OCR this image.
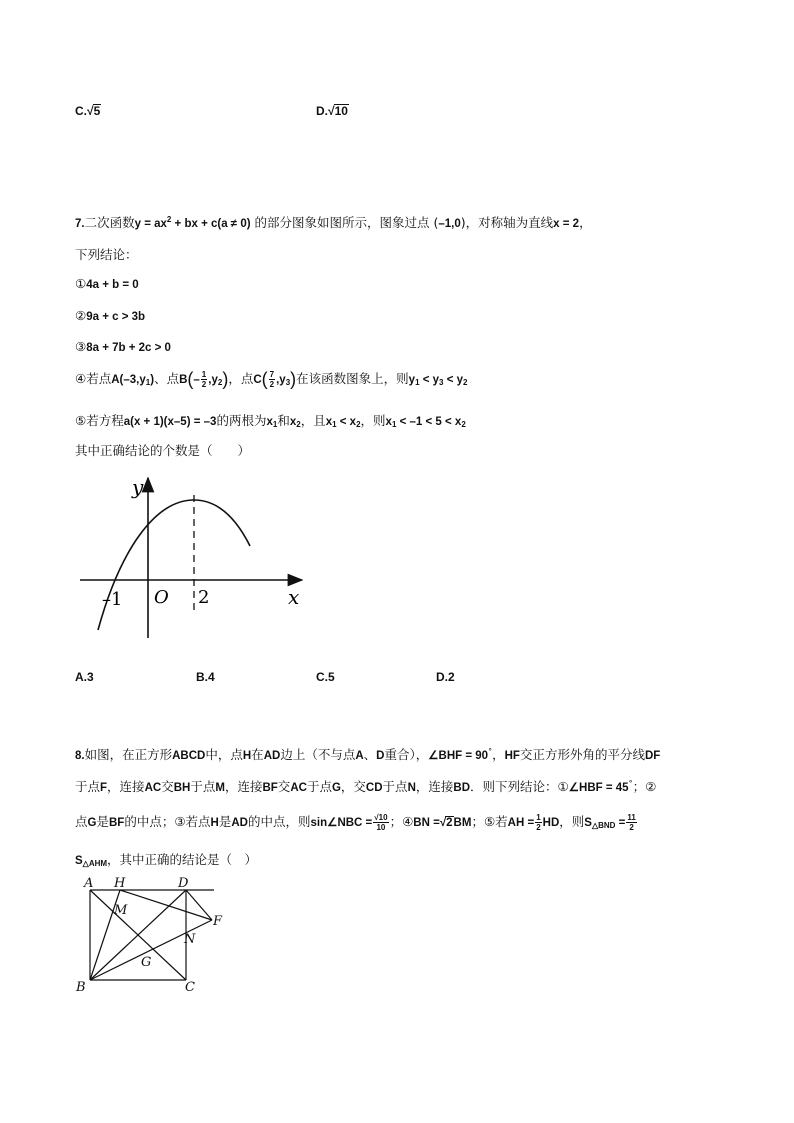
C.√5	D.√10
7.二次函数$y = ax^2$ + bx + c(a ≠ 0) 的部分图象如图所示，图象过点 (–1,0)，对称轴为直线x = 2，
下列结论：
①4a + b = 0
②9a + c > 3b
③8a + 7b + 2c > 0
④若点$A(-3,y_1)$、点$B(- \frac{1}{2} ,y_2)$，点$C( \frac{7}{2} ,y_3)$在该函数图象上，则$y_1 < y_3 < y_2$
⑤若方程a(x + 1)(x–5) = –3的两根为$x_1$和$x_2$，且$x_1 < x_2$，则$x_1 < -1 < 5 < x_2$
其中正确结论的个数是（　　）
y
x
O
–1	2
A.3	B.4	C.5	D.2
8.如图，在正方形ABCD中，点H在AD边上（不与点A、D重合），∠BHF = 90°，HF交正方形外角的平分线DF
于点F，连接AC交BH于点M，连接BF交AC于点G，交CD于点N，连接BD．则下列结论：①∠HBF = 45°；②
点G是BF的中点；③若点H是AD的中点，则sin∠NBC = $\frac{√10}{10}$ ；④BN =√2BM；⑤若AH = $\frac{1}{2}$ HD，则$S_{\triangle BND} = \frac{11}{2}$
$S_{\triangle AHM}$，其中正确的结论是（　）
A H	D
M
F
N
G
B	C
